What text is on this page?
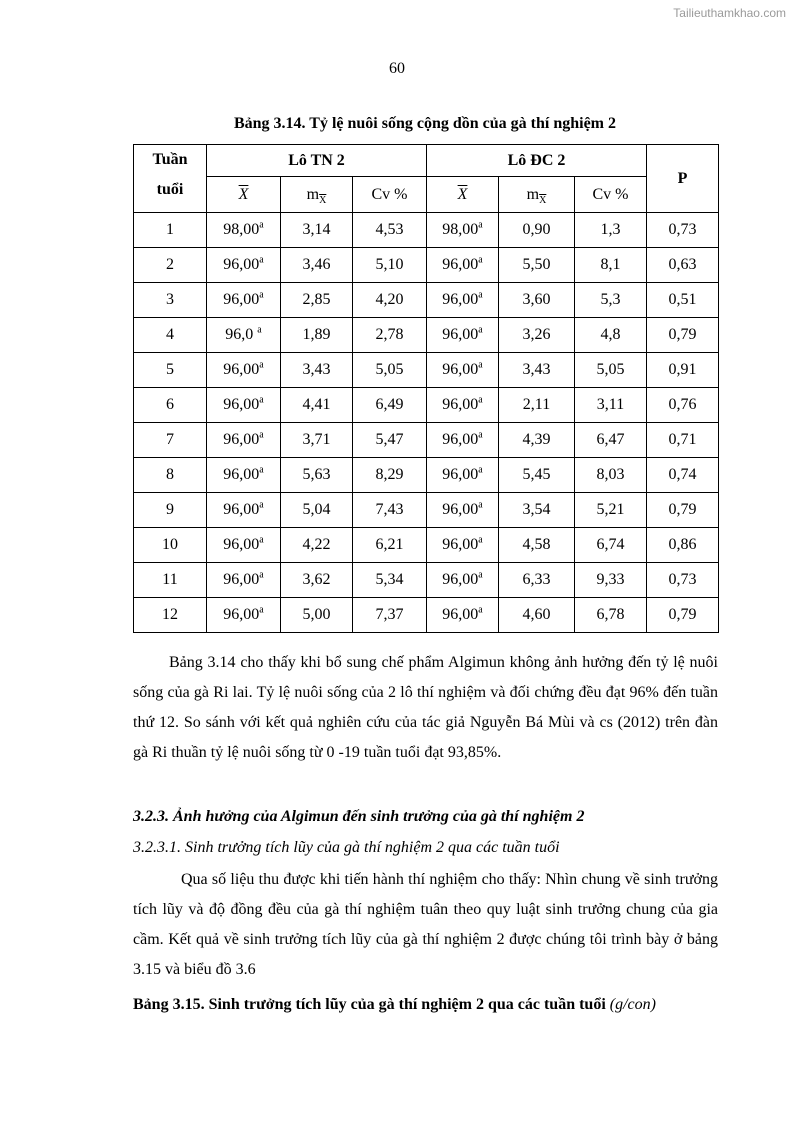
Tailieuthamkhao.com
60
Bảng 3.14. Tỷ lệ nuôi sống cộng dồn của gà thí nghiệm 2
Tuần
tuổi	Lô TN 2			Lô ĐC 2			P
	$\overline{X}$	$m_{\overline{X}}$	Cv %	$\overline{X}$	$m_{\overline{X}}$	Cv %	
1	98,00$^a$	3,14	4,53	98,00$^a$	0,90	1,3	0,73
2	96,00$^a$	3,46	5,10	96,00$^a$	5,50	8,1	0,63
3	96,00$^a$	2,85	4,20	96,00$^a$	3,60	5,3	0,51
4	96,0 $^a$	1,89	2,78	96,00$^a$	3,26	4,8	0,79
5	96,00$^a$	3,43	5,05	96,00$^a$	3,43	5,05	0,91
6	96,00$^a$	4,41	6,49	96,00$^a$	2,11	3,11	0,76
7	96,00$^a$	3,71	5,47	96,00$^a$	4,39	6,47	0,71
8	96,00$^a$	5,63	8,29	96,00$^a$	5,45	8,03	0,74
9	96,00$^a$	5,04	7,43	96,00$^a$	3,54	5,21	0,79
10	96,00$^a$	4,22	6,21	96,00$^a$	4,58	6,74	0,86
11	96,00$^a$	3,62	5,34	96,00$^a$	6,33	9,33	0,73
12	96,00$^a$	5,00	7,37	96,00$^a$	4,60	6,78	0,79
Bảng 3.14 cho thấy khi bổ sung chế phẩm Algimun không ảnh hưởng đến tỷ lệ nuôi sống của gà Ri lai. Tỷ lệ nuôi sống của 2 lô thí nghiệm và đối chứng đều đạt 96% đến tuần thứ 12. So sánh với kết quả nghiên cứu của tác giả Nguyễn Bá Mùi và cs (2012) trên đàn gà Ri thuần tỷ lệ nuôi sống từ 0 -19 tuần tuổi đạt 93,85%.
3.2.3. Ảnh hưởng của Algimun đến sinh trưởng của gà thí nghiệm 2
3.2.3.1. Sinh trưởng tích lũy của gà thí nghiệm 2 qua các tuần tuổi
Qua số liệu thu được khi tiến hành thí nghiệm cho thấy: Nhìn chung về sinh trưởng tích lũy và độ đồng đều của gà thí nghiệm tuân theo quy luật sinh trưởng chung của gia cầm. Kết quả về sinh trưởng tích lũy của gà thí nghiệm 2 được chúng tôi trình bày ở bảng 3.15 và biểu đồ 3.6
Bảng 3.15. Sinh trưởng tích lũy của gà thí nghiệm 2 qua các tuần tuổi (g/con)
